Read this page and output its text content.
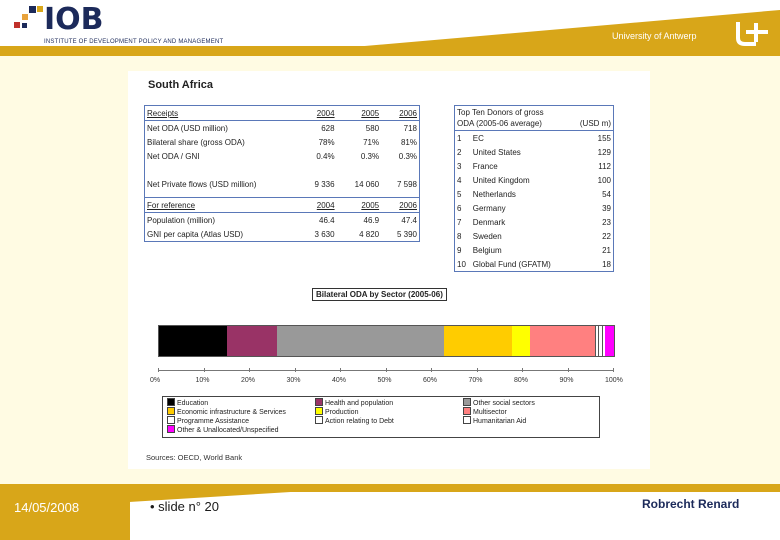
IOB
INSTITUTE OF DEVELOPMENT POLICY AND MANAGEMENT
University of Antwerp
South Africa
Receipts	2004	2005	2006
Net ODA (USD million)	628	580	718
Bilateral share (gross ODA)	78%	71%	81%
Net ODA / GNI	0.4%	0.3%	0.3%

Net Private flows (USD million)	9 336	14 060	7 598

For reference	2004	2005	2006
Population (million)	46.4	46.9	47.4
GNI per capita (Atlas USD)	3 630	4 820	5 390
Top Ten Donors of gross
ODA (2005-06 average)		(USD m)
1	EC	155
2	United States	129
3	France	112
4	United Kingdom	100
5	Netherlands	54
6	Germany	39
7	Denmark	23
8	Sweden	22
9	Belgium	21
10	Global Fund (GFATM)	18
Bilateral ODA by Sector (2005-06)
0%	10%	20%	30%	40%	50%	60%	70%	80%	90%	100%
Education	Health and population	Other social sectors
Economic infrastructure & Services	Production	Multisector
Programme Assistance	Action relating to Debt	Humanitarian Aid
Other & Unallocated/Unspecified
Sources: OECD, World Bank
14/05/2008	• slide n° 20	Robrecht Renard
